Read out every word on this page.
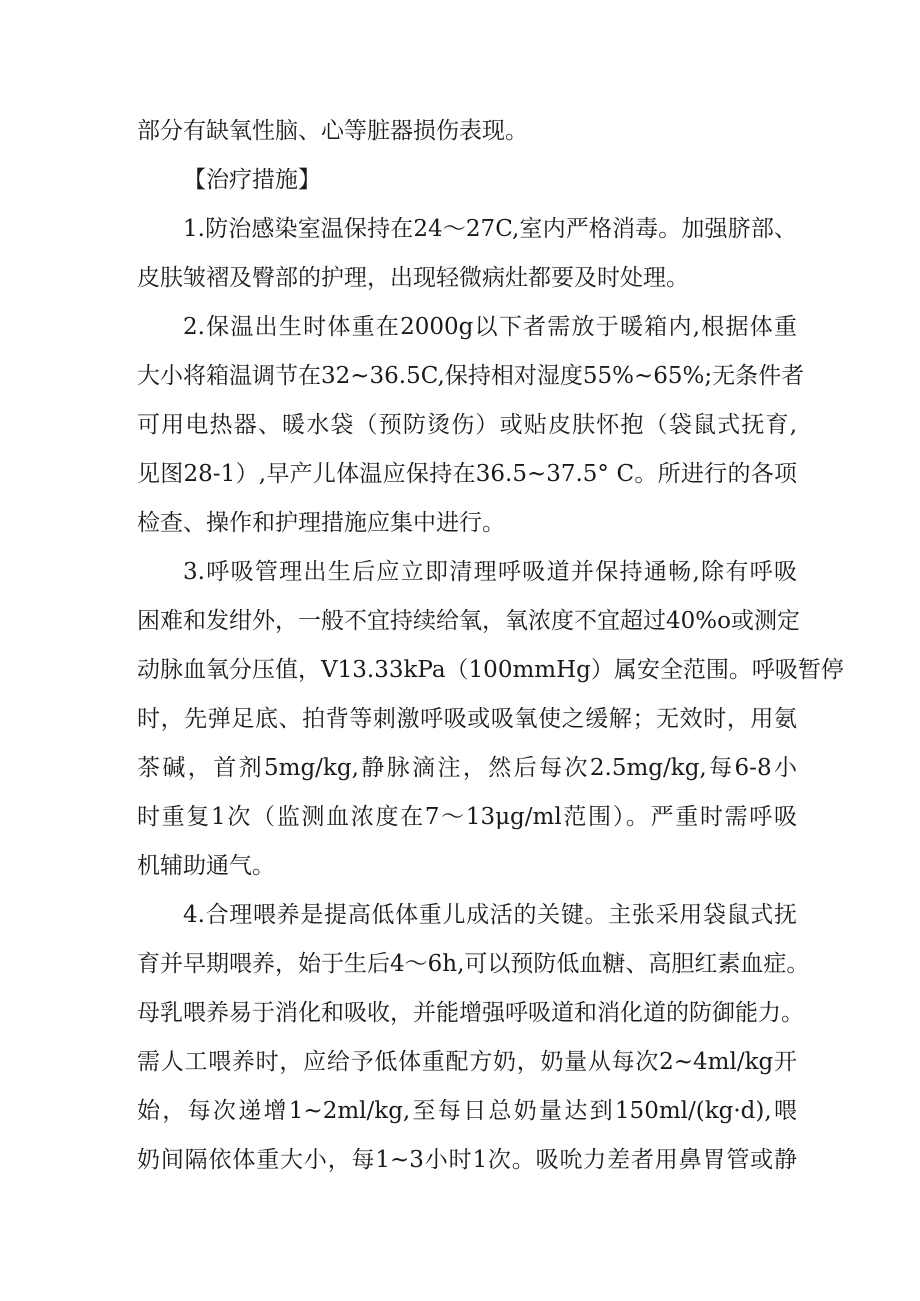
部分有缺氧性脑、心等脏器损伤表现。
【治疗措施】
1.防治感染室温保持在24～27C,室内严格消毒。加强脐部、
皮肤皱褶及臀部的护理，出现轻微病灶都要及时处理。
2.保温出生时体重在2000g以下者需放于暖箱内,根据体重
大小将箱温调节在32~36.5C,保持相对湿度55%~65%;无条件者
可用电热器、暖水袋（预防烫伤）或贴皮肤怀抱（袋鼠式抚育,
见图28-1）,早产儿体温应保持在36.5~37.5° C。所进行的各项
检查、操作和护理措施应集中进行。
3.呼吸管理出生后应立即清理呼吸道并保持通畅,除有呼吸
困难和发绀外，一般不宜持续给氧，氧浓度不宜超过40%o或测定
动脉血氧分压值，V13.33kPa（100mmHg）属安全范围。呼吸暂停
时，先弹足底、拍背等刺激呼吸或吸氧使之缓解；无效时，用氨
茶碱，首剂5mg/kg,静脉滴注，然后每次2.5mg/kg,每6-8小
时重复1次（监测血浓度在7～13μg/ml范围）。严重时需呼吸
机辅助通气。
4.合理喂养是提高低体重儿成活的关键。主张采用袋鼠式抚
育并早期喂养，始于生后4～6h,可以预防低血糖、高胆红素血症。
母乳喂养易于消化和吸收，并能增强呼吸道和消化道的防御能力。
需人工喂养时，应给予低体重配方奶，奶量从每次2~4ml/kg开
始，每次递增1~2ml/kg,至每日总奶量达到150ml/(kg·d),喂
奶间隔依体重大小，每1~3小时1次。吸吮力差者用鼻胃管或静
